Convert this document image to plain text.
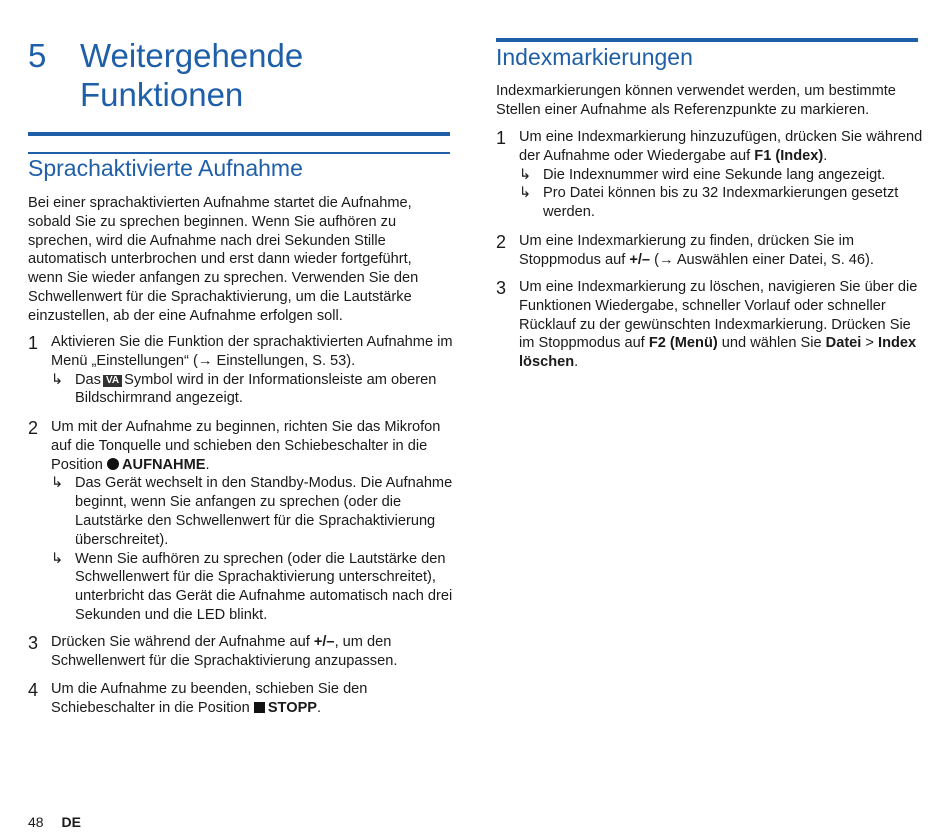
5 Weitergehende
Funktionen
Sprachaktivierte Aufnahme
Bei einer sprachaktivierten Aufnahme startet die Aufnahme, sobald Sie zu sprechen beginnen. Wenn Sie aufhören zu sprechen, wird die Aufnahme nach drei Sekunden Stille automatisch unterbrochen und erst dann wieder fortgeführt, wenn Sie wieder anfangen zu sprechen. Verwenden Sie den Schwellenwert für die Sprachaktivierung, um die Lautstärke einzustellen, ab der eine Aufnahme erfolgen soll.
1 Aktivieren Sie die Funktion der sprachaktivierten Aufnahme im Menü „Einstellungen“ (→ Einstellungen, S. 53).
↳ Das VA Symbol wird in der Informationsleiste am oberen Bildschirmrand angezeigt.
2 Um mit der Aufnahme zu beginnen, richten Sie das Mikrofon auf die Tonquelle und schieben den Schiebeschalter in die Position AUFNAHME.
↳ Das Gerät wechselt in den Standby-Modus. Die Aufnahme beginnt, wenn Sie anfangen zu sprechen (oder die Lautstärke den Schwellenwert für die Sprachaktivierung überschreitet).
↳ Wenn Sie aufhören zu sprechen (oder die Lautstärke den Schwellenwert für die Sprachaktivierung unterschreitet), unterbricht das Gerät die Aufnahme automatisch nach drei Sekunden und die LED blinkt.
3 Drücken Sie während der Aufnahme auf +/–, um den Schwellenwert für die Sprachaktivierung anzupassen.
4 Um die Aufnahme zu beenden, schieben Sie den Schiebeschalter in die Position STOPP.
Indexmarkierungen
Indexmarkierungen können verwendet werden, um bestimmte Stellen einer Aufnahme als Referenzpunkte zu markieren.
1 Um eine Indexmarkierung hinzuzufügen, drücken Sie während der Aufnahme oder Wiedergabe auf F1 (Index).
↳ Die Indexnummer wird eine Sekunde lang angezeigt.
↳ Pro Datei können bis zu 32 Indexmarkierungen gesetzt werden.
2 Um eine Indexmarkierung zu finden, drücken Sie im Stoppmodus auf +/– (→ Auswählen einer Datei, S. 46).
3 Um eine Indexmarkierung zu löschen, navigieren Sie über die Funktionen Wiedergabe, schneller Vorlauf oder schneller Rücklauf zu der gewünschten Indexmarkierung. Drücken Sie im Stoppmodus auf F2 (Menü) und wählen Sie Datei > Index löschen.
48 DE
